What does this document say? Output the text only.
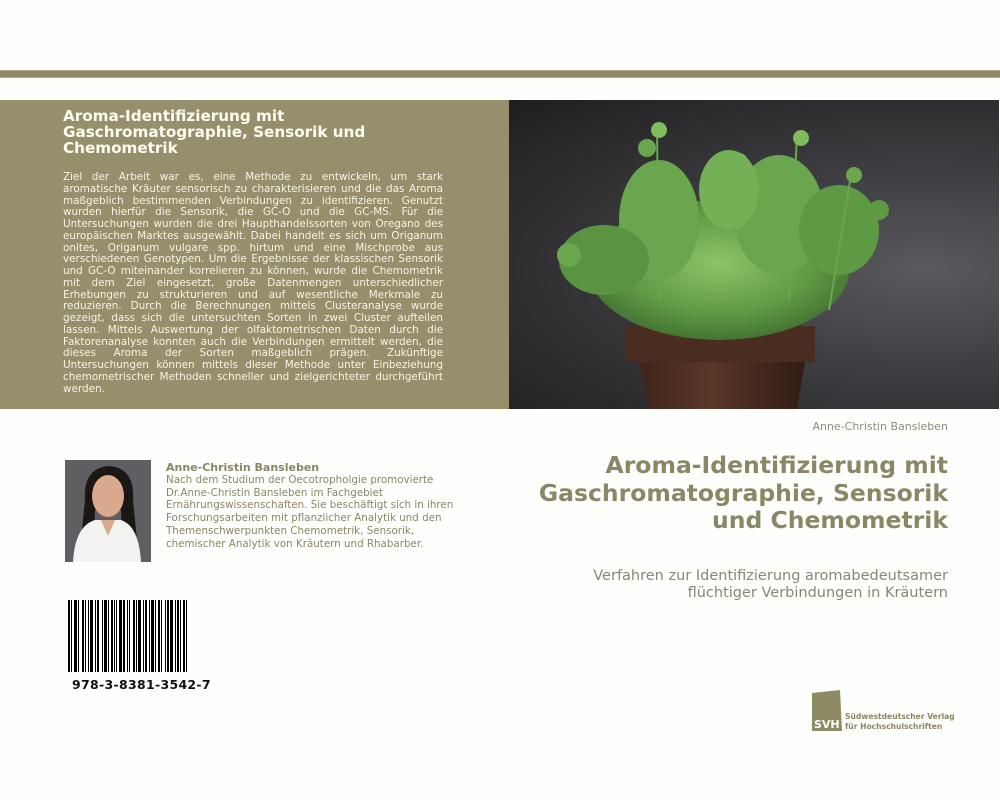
Aroma-Identifizierung mit Gaschromatographie, Sensorik und Chemometrik
Ziel der Arbeit war es, eine Methode zu entwickeln, um stark aromatische Kräuter sensorisch zu charakterisieren und die das Aroma maßgeblich bestimmenden Verbindungen zu identifizieren. Genutzt wurden hierfür die Sensorik, die GC-O und die GC-MS. Für die Untersuchungen wurden die drei Haupthandelssorten von Oregano des europäischen Marktes ausgewählt. Dabei handelt es sich um Origanum onites, Origanum vulgare spp. hirtum und eine Mischprobe aus verschiedenen Genotypen. Um die Ergebnisse der klassischen Sensorik und GC-O miteinander korrelieren zu können, wurde die Chemometrik mit dem Ziel eingesetzt, große Datenmengen unterschiedlicher Erhebungen zu strukturieren und auf wesentliche Merkmale zu reduzieren. Durch die Berechnungen mittels Clusteranalyse wurde gezeigt, dass sich die untersuchten Sorten in zwei Cluster aufteilen lassen. Mittels Auswertung der olfaktometrischen Daten durch die Faktorenanalyse konnten auch die Verbindungen ermittelt werden, die dieses Aroma der Sorten maßgeblich prägen. Zukünftige Untersuchungen können mittels dieser Methode unter Einbeziehung chemometrischer Methoden schneller und zielgerichteter durchgeführt werden.
Anne-Christin Bansleben
Aroma-Identifizierung mit Gaschromatographie, Sensorik und Chemometrik
Verfahren zur Identifizierung aromabedeutsamer flüchtiger Verbindungen in Kräutern
Anne-Christin Bansleben
Nach dem Studium der Oecotropholgie promovierte Dr.Anne-Christin Bansleben im Fachgebiet Ernährungswissenschaften. Sie beschäftigt sich in ihren Forschungsarbeiten mit pflanzlicher Analytik und den Themenschwerpunkten Chemometrik, Sensorik, chemischer Analytik von Kräutern und Rhabarber.
978-3-8381-3542-7
SVH
Südwestdeutscher Verlag
für Hochschulschriften
